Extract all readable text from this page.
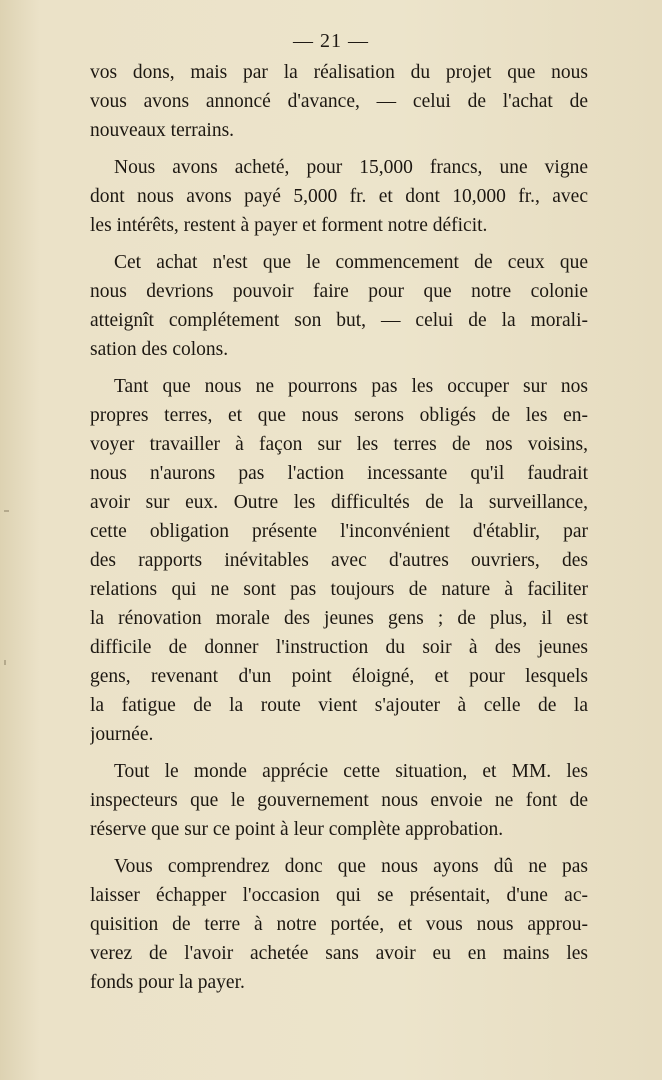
— 21 —
vos dons, mais par la réalisation du projet que nous
vous avons annoncé d'avance, — celui de l'achat de
nouveaux terrains.
Nous avons acheté, pour 15,000 francs, une vigne
dont nous avons payé 5,000 fr. et dont 10,000 fr., avec
les intérêts, restent à payer et forment notre déficit.
Cet achat n'est que le commencement de ceux que
nous devrions pouvoir faire pour que notre colonie
atteignît complétement son but, — celui de la morali-
sation des colons.
Tant que nous ne pourrons pas les occuper sur nos
propres terres, et que nous serons obligés de les en-
voyer travailler à façon sur les terres de nos voisins,
nous n'aurons pas l'action incessante qu'il faudrait
avoir sur eux. Outre les difficultés de la surveillance,
cette obligation présente l'inconvénient d'établir, par
des rapports inévitables avec d'autres ouvriers, des
relations qui ne sont pas toujours de nature à faciliter
la rénovation morale des jeunes gens ; de plus, il est
difficile de donner l'instruction du soir à des jeunes
gens, revenant d'un point éloigné, et pour lesquels
la fatigue de la route vient s'ajouter à celle de la
journée.
Tout le monde apprécie cette situation, et MM. les
inspecteurs que le gouvernement nous envoie ne font de
réserve que sur ce point à leur complète approbation.
Vous comprendrez donc que nous ayons dû ne pas
laisser échapper l'occasion qui se présentait, d'une ac-
quisition de terre à notre portée, et vous nous approu-
verez de l'avoir achetée sans avoir eu en mains les
fonds pour la payer.
